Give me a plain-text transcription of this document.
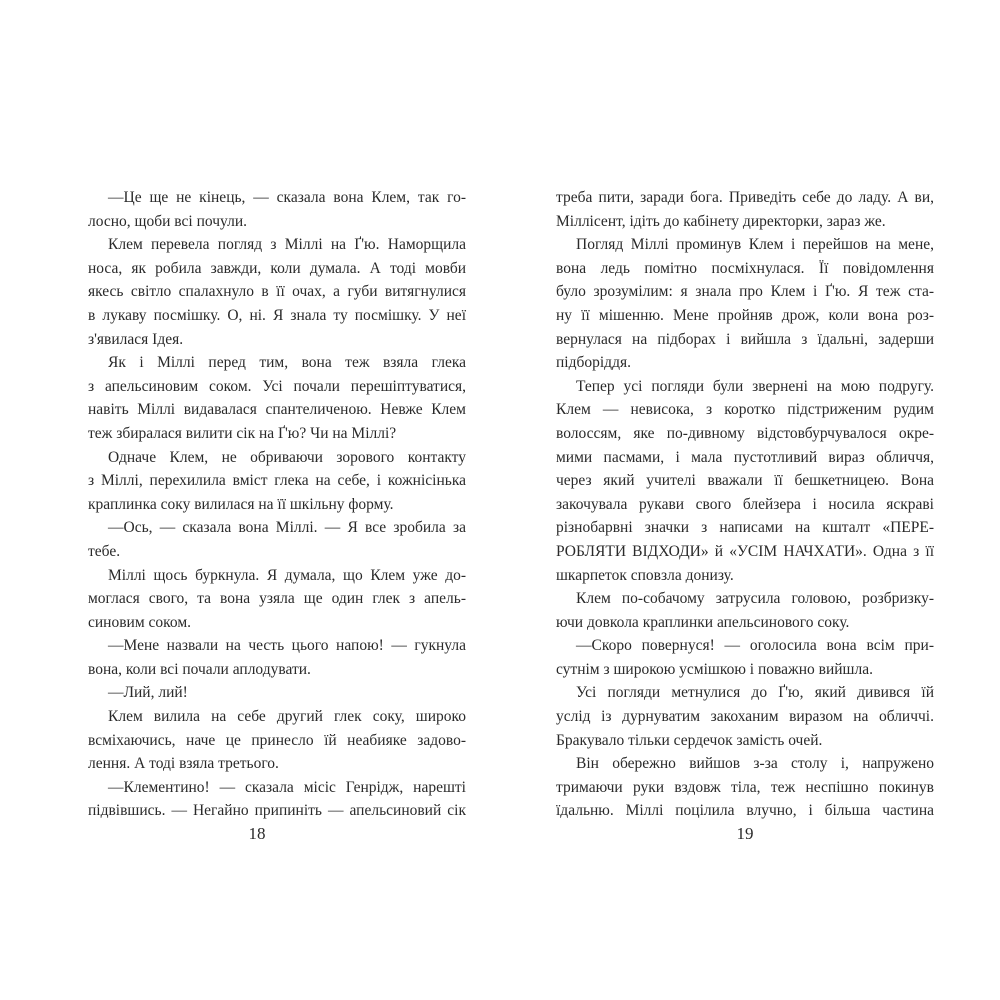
—Це ще не кінець, — сказала вона Клем, так го-
лосно, щоби всі почули.
Клем перевела погляд з Міллі на Ґ'ю. Наморщила
носа, як робила завжди, коли думала. А тоді мовби
якесь світло спалахнуло в її очах, а губи витягнулися
в лукаву посмішку. О, ні. Я знала ту посмішку. У неї
з'явилася Ідея.
Як і Міллі перед тим, вона теж взяла глека
з апельсиновим соком. Усі почали перешіптуватися,
навіть Міллі видавалася спантеличеною. Невже Клем
теж збиралася вилити сік на Ґ'ю? Чи на Міллі?
Одначе Клем, не обриваючи зорового контакту
з Міллі, перехилила вміст глека на себе, і кожнісінька
краплинка соку вилилася на її шкільну форму.
—Ось, — сказала вона Міллі. — Я все зробила за
тебе.
Міллі щось буркнула. Я думала, що Клем уже до-
моглася свого, та вона узяла ще один глек з апель-
синовим соком.
—Мене назвали на честь цього напою! — гукнула
вона, коли всі почали аплодувати.
—Лий, лий!
Клем вилила на себе другий глек соку, широко
всміхаючись, наче це принесло їй неабияке задово-
лення. А тоді взяла третього.
—Клементино! — сказала місіс Генрідж, нарешті
підвівшись. — Негайно припиніть — апельсиновий сік
18
треба пити, заради бога. Приведіть себе до ладу. А ви,
Міллісент, ідіть до кабінету директорки, зараз же.
Погляд Міллі проминув Клем і перейшов на мене,
вона ледь помітно посміхнулася. Її повідомлення
було зрозумілим: я знала про Клем і Ґ'ю. Я теж ста-
ну її мішенню. Мене пройняв дрож, коли вона роз-
вернулася на підборах і вийшла з їдальні, задерши
підборіддя.
Тепер усі погляди були звернені на мою подругу.
Клем — невисока, з коротко підстриженим рудим
волоссям, яке по-дивному відстовбурчувалося окре-
мими пасмами, і мала пустотливий вираз обличчя,
через який учителі вважали її бешкетницею. Вона
закочувала рукави свого блейзера і носила яскраві
різнобарвні значки з написами на кшталт «ПЕРЕ-
РОБЛЯТИ ВІДХОДИ» й «УСІМ НАЧХАТИ». Одна з її
шкарпеток сповзла донизу.
Клем по-собачому затрусила головою, розбризку-
ючи довкола краплинки апельсинового соку.
—Скоро повернуся! — оголосила вона всім при-
сутнім з широкою усмішкою і поважно вийшла.
Усі погляди метнулися до Ґ'ю, який дивився їй
услід із дурнуватим закоханим виразом на обличчі.
Бракувало тільки сердечок замість очей.
Він обережно вийшов з-за столу і, напружено
тримаючи руки вздовж тіла, теж неспішно покинув
їдальню. Міллі поцілила влучно, і більша частина
19
